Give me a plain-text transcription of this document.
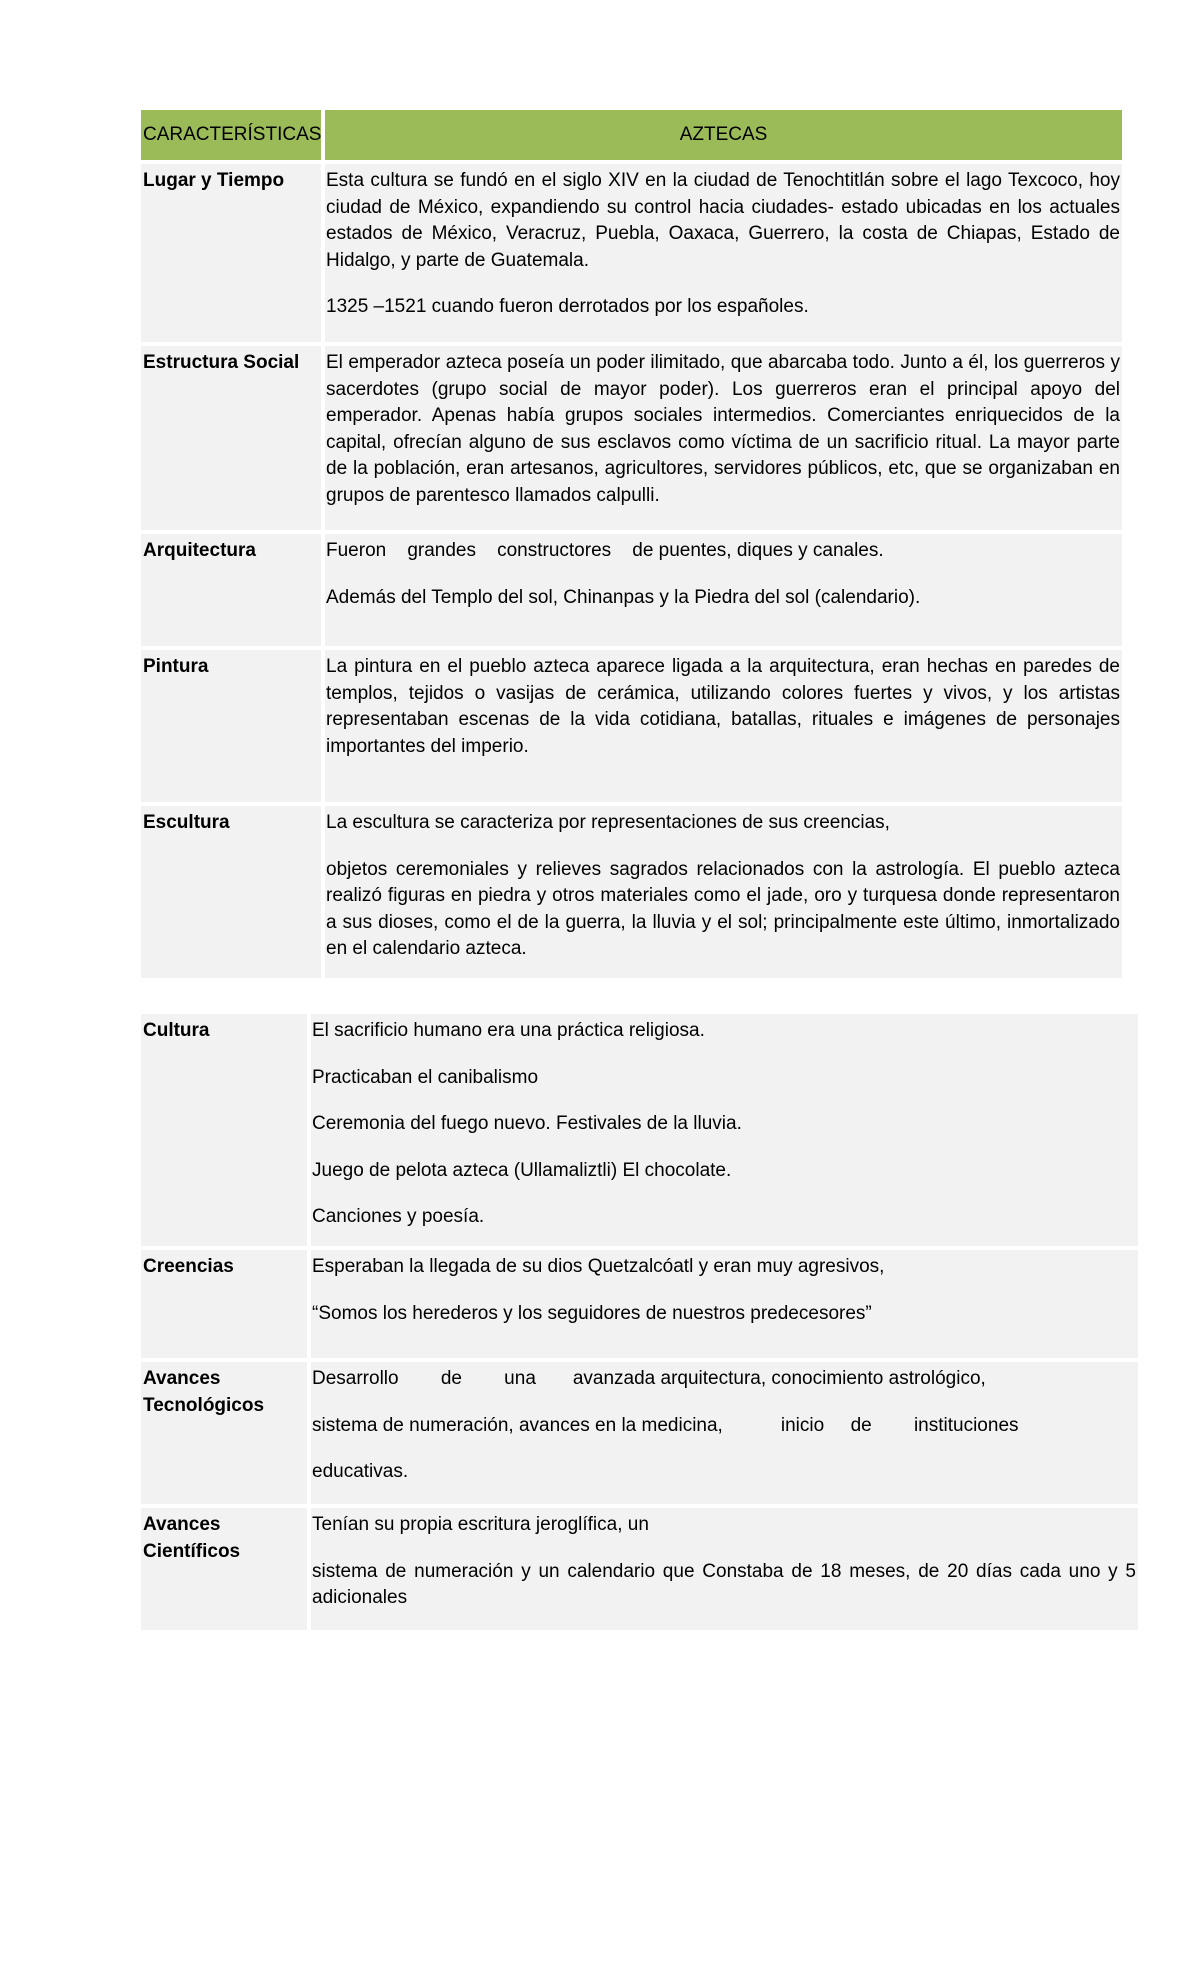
CARACTERÍSTICAS	AZTECAS
Lugar y Tiempo	Esta cultura se fundó en el siglo XIV en la ciudad de Tenochtitlán sobre el lago Texcoco, hoy ciudad de México, expandiendo su control hacia ciudades- estado ubicadas en los actuales estados de México, Veracruz, Puebla, Oaxaca, Guerrero, la costa de Chiapas, Estado de Hidalgo, y parte de Guatemala.

1325 –1521 cuando fueron derrotados por los españoles.

Estructura Social	El emperador azteca poseía un poder ilimitado, que abarcaba todo. Junto a él, los guerreros y sacerdotes (grupo social de mayor poder). Los guerreros eran el principal apoyo del emperador. Apenas había grupos sociales intermedios. Comerciantes enriquecidos de la capital, ofrecían alguno de sus esclavos como víctima de un sacrificio ritual. La mayor parte de la población, eran artesanos, agricultores, servidores públicos, etc, que se organizaban en grupos de parentesco llamados calpulli.

Arquitectura	Fueron    grandes    constructores    de puentes, diques y canales.

Además del Templo del sol, Chinanpas y la Piedra del sol (calendario).

Pintura	La pintura en el pueblo azteca aparece ligada a la arquitectura, eran hechas en paredes de templos, tejidos o vasijas de cerámica, utilizando colores fuertes y vivos, y los artistas representaban escenas de la vida cotidiana, batallas, rituales e imágenes de personajes importantes del imperio.

Escultura	La escultura se caracteriza por representaciones de sus creencias,

objetos ceremoniales y relieves sagrados relacionados con la astrología. El pueblo azteca realizó figuras en piedra y otros materiales como el jade, oro y turquesa donde representaron a sus dioses, como el de la guerra, la lluvia y el sol; principalmente este último, inmortalizado en el calendario azteca.

Cultura	El sacrificio humano era una práctica religiosa.

Practicaban el canibalismo

Ceremonia del fuego nuevo. Festivales de la lluvia.

Juego de pelota azteca (Ullamaliztli) El chocolate.

Canciones y poesía.

Creencias	Esperaban la llegada de su dios Quetzalcóatl y eran muy agresivos,

“Somos los herederos y los seguidores de nuestros predecesores”

Avances Tecnológicos	Desarrollo        de        una       avanzada arquitectura, conocimiento astrológico,

sistema de numeración, avances en la medicina,           inicio     de        instituciones

educativas.

Avances Científicos	Tenían su propia escritura jeroglífica, un

sistema de numeración y un calendario que Constaba de 18 meses, de 20 días cada uno y 5 adicionales
